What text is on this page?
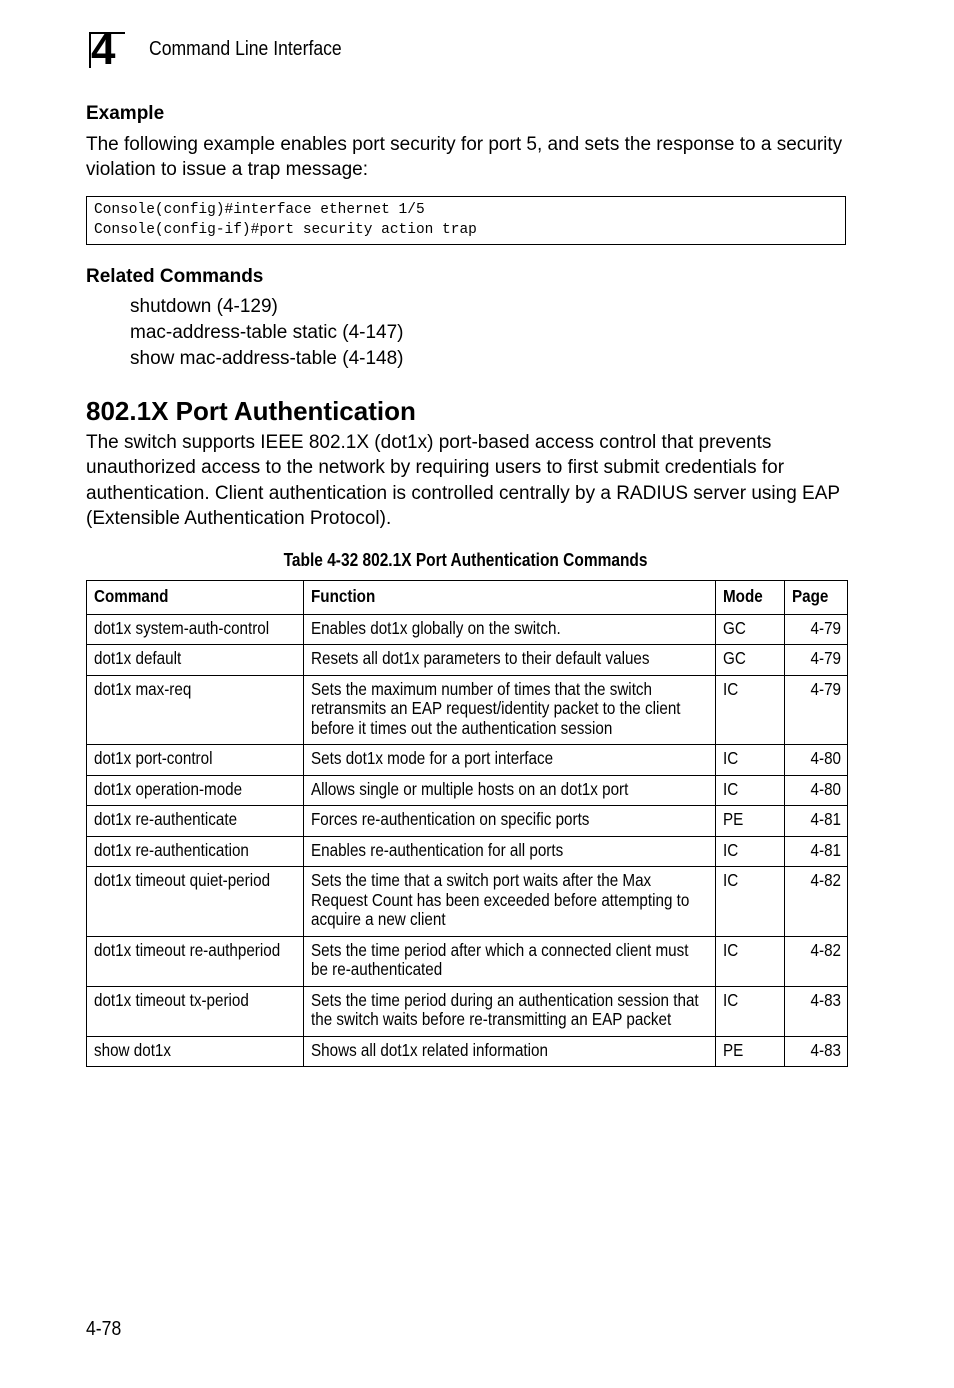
4 Command Line Interface
Example

The following example enables port security for port 5, and sets the response to a security violation to issue a trap message:

Console(config)#interface ethernet 1/5
Console(config-if)#port security action trap
Related Commands
shutdown (4-129)
mac-address-table static (4-147)
show mac-address-table (4-148)
802.1X Port Authentication

The switch supports IEEE 802.1X (dot1x) port-based access control that prevents unauthorized access to the network by requiring users to first submit credentials for authentication. Client authentication is controlled centrally by a RADIUS server using EAP (Extensible Authentication Protocol).

Table 4-32 802.1X Port Authentication Commands
Command	Function	Mode	Page
dot1x system-auth-control	Enables dot1x globally on the switch.	GC	4-79
dot1x default	Resets all dot1x parameters to their default values	GC	4-79
dot1x max-req	Sets the maximum number of times that the switch retransmits an EAP request/identity packet to the client before it times out the authentication session	IC	4-79
dot1x port-control	Sets dot1x mode for a port interface	IC	4-80
dot1x operation-mode	Allows single or multiple hosts on an dot1x port	IC	4-80
dot1x re-authenticate	Forces re-authentication on specific ports	PE	4-81
dot1x re-authentication	Enables re-authentication for all ports	IC	4-81
dot1x timeout quiet-period	Sets the time that a switch port waits after the Max Request Count has been exceeded before attempting to acquire a new client	IC	4-82
dot1x timeout re-authperiod	Sets the time period after which a connected client must be re-authenticated	IC	4-82
dot1x timeout tx-period	Sets the time period during an authentication session that the switch waits before re-transmitting an EAP packet	IC	4-83
show dot1x	Shows all dot1x related information	PE	4-83
4-78
